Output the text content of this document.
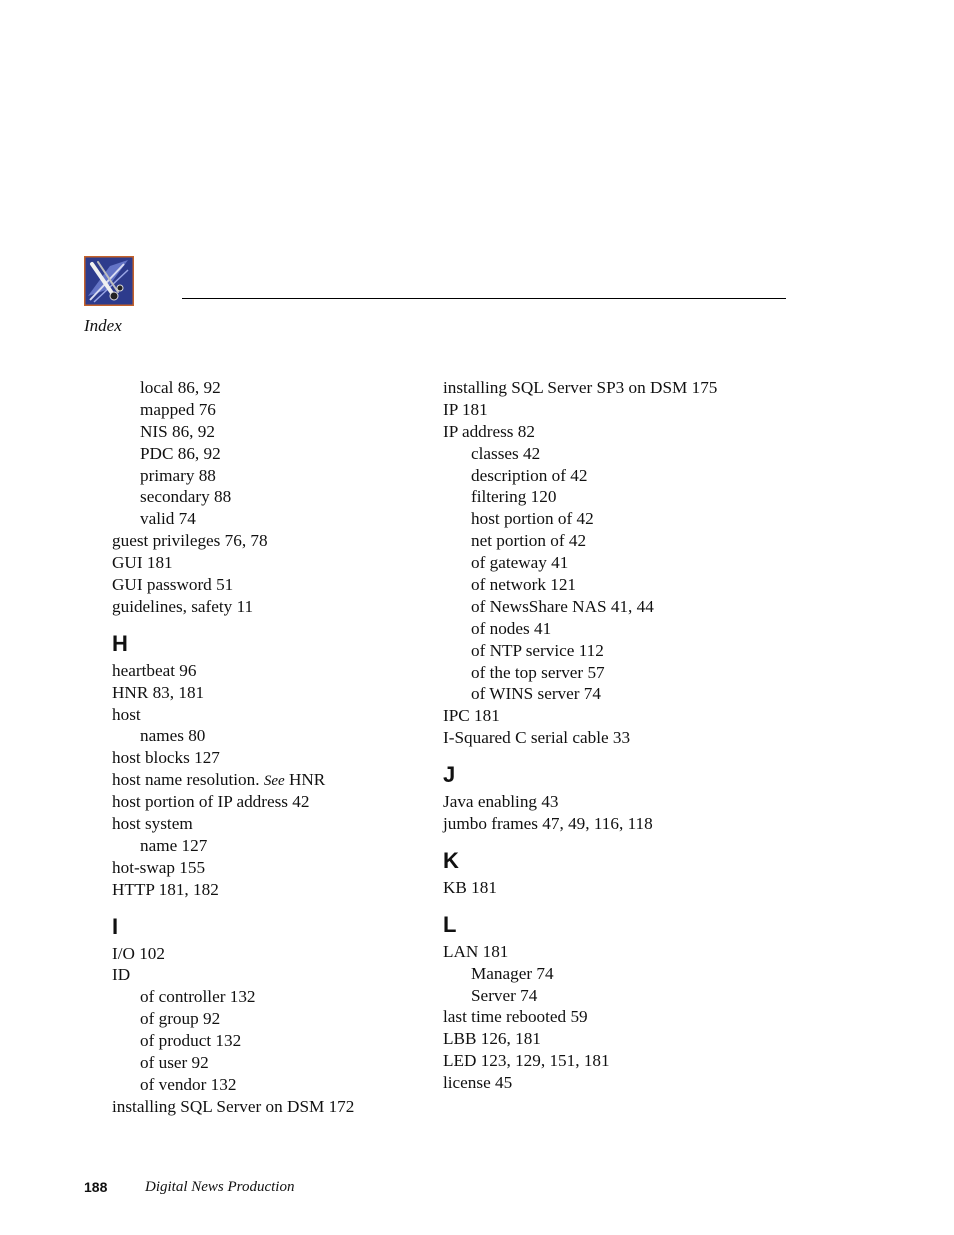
Index
local 86, 92
mapped 76
NIS 86, 92
PDC 86, 92
primary 88
secondary 88
valid 74
guest privileges 76, 78
GUI 181
GUI password 51
guidelines, safety 11
H
heartbeat 96
HNR 83, 181
host
names 80
host blocks 127
host name resolution. See HNR
host portion of IP address 42
host system
name 127
hot-swap 155
HTTP 181, 182
I
I/O 102
ID
of controller 132
of group 92
of product 132
of user 92
of vendor 132
installing SQL Server on DSM 172
installing SQL Server SP3 on DSM 175
IP 181
IP address 82
classes 42
description of 42
filtering 120
host portion of 42
net portion of 42
of gateway 41
of network 121
of NewsShare NAS 41, 44
of nodes 41
of NTP service 112
of the top server 57
of WINS server 74
IPC 181
I-Squared C serial cable 33
J
Java enabling 43
jumbo frames 47, 49, 116, 118
K
KB 181
L
LAN 181
Manager 74
Server 74
last time rebooted 59
LBB 126, 181
LED 123, 129, 151, 181
license 45
188	Digital News Production
